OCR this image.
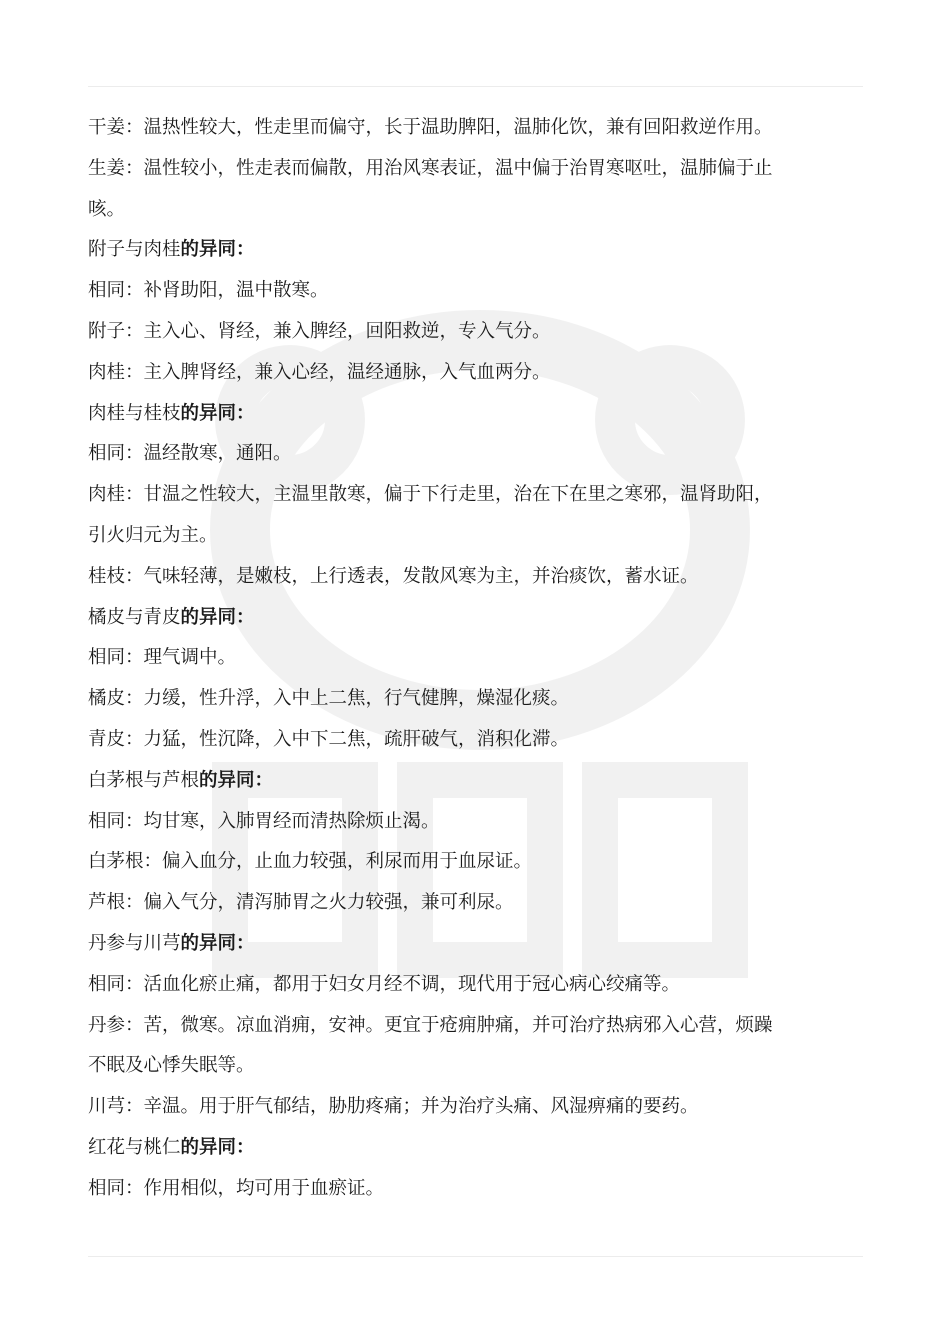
干姜：温热性较大，性走里而偏守，长于温助脾阳，温肺化饮，兼有回阳救逆作用。

生姜：温性较小，性走表而偏散，用治风寒表证，温中偏于治胃寒呕吐，温肺偏于止

咳。

附子与肉桂的异同：

相同：补肾助阳，温中散寒。

附子：主入心、肾经，兼入脾经，回阳救逆，专入气分。

肉桂：主入脾肾经，兼入心经，温经通脉，入气血两分。

肉桂与桂枝的异同：

相同：温经散寒，通阳。

肉桂：甘温之性较大，主温里散寒，偏于下行走里，治在下在里之寒邪，温肾助阳，

引火归元为主。

桂枝：气味轻薄，是嫩枝，上行透表，发散风寒为主，并治痰饮，蓄水证。

橘皮与青皮的异同：

相同：理气调中。

橘皮：力缓，性升浮，入中上二焦，行气健脾，燥湿化痰。

青皮：力猛，性沉降，入中下二焦，疏肝破气，消积化滞。

白茅根与芦根的异同：

相同：均甘寒，入肺胃经而清热除烦止渴。

白茅根：偏入血分，止血力较强，利尿而用于血尿证。

芦根：偏入气分，清泻肺胃之火力较强，兼可利尿。

丹参与川芎的异同：

相同：活血化瘀止痛，都用于妇女月经不调，现代用于冠心病心绞痛等。

丹参：苦，微寒。凉血消痈，安神。更宜于疮痈肿痛，并可治疗热病邪入心营，烦躁

不眠及心悸失眠等。

川芎：辛温。用于肝气郁结，胁肋疼痛；并为治疗头痛、风湿痹痛的要药。

红花与桃仁的异同：

相同：作用相似，均可用于血瘀证。
